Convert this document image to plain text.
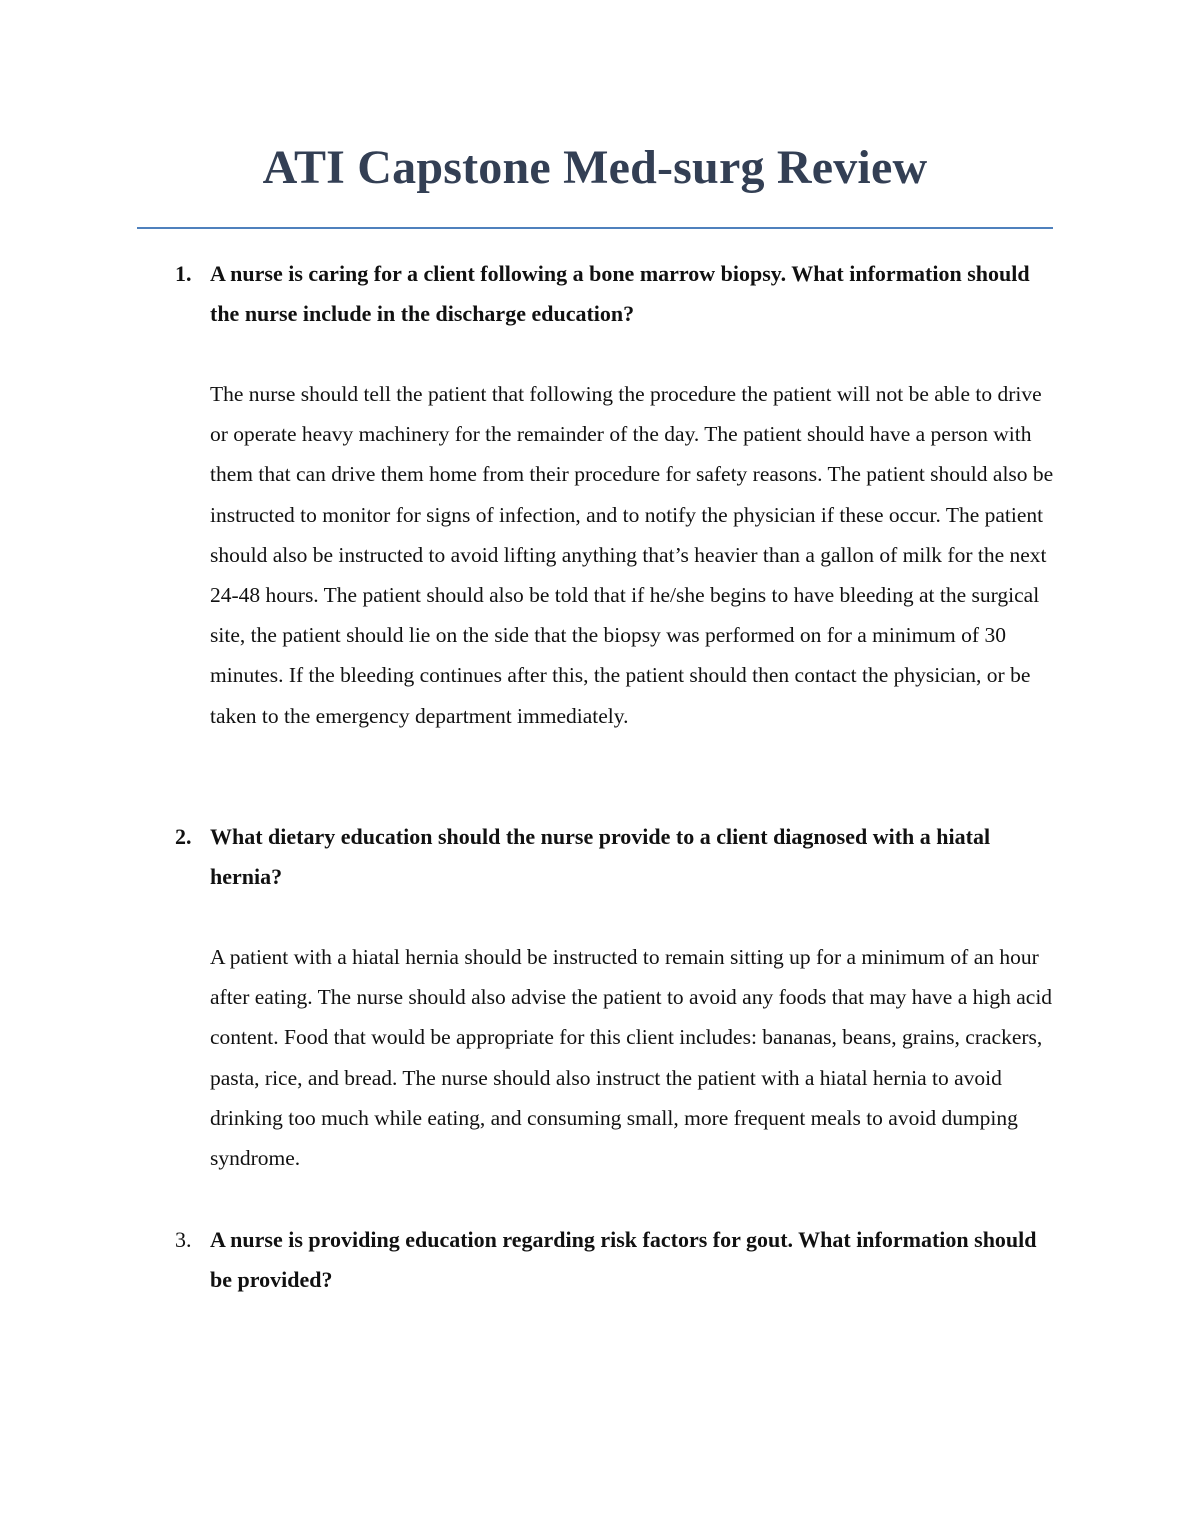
ATI Capstone Med-surg Review
1. A nurse is caring for a client following a bone marrow biopsy. What information should the nurse include in the discharge education?

The nurse should tell the patient that following the procedure the patient will not be able to drive or operate heavy machinery for the remainder of the day. The patient should have a person with them that can drive them home from their procedure for safety reasons. The patient should also be instructed to monitor for signs of infection, and to notify the physician if these occur. The patient should also be instructed to avoid lifting anything that’s heavier than a gallon of milk for the next 24-48 hours. The patient should also be told that if he/she begins to have bleeding at the surgical site, the patient should lie on the side that the biopsy was performed on for a minimum of 30 minutes. If the bleeding continues after this, the patient should then contact the physician, or be taken to the emergency department immediately.

2. What dietary education should the nurse provide to a client diagnosed with a hiatal hernia?

A patient with a hiatal hernia should be instructed to remain sitting up for a minimum of an hour after eating. The nurse should also advise the patient to avoid any foods that may have a high acid content. Food that would be appropriate for this client includes: bananas, beans, grains, crackers, pasta, rice, and bread. The nurse should also instruct the patient with a hiatal hernia to avoid drinking too much while eating, and consuming small, more frequent meals to avoid dumping syndrome.

3. A nurse is providing education regarding risk factors for gout. What information should be provided?
